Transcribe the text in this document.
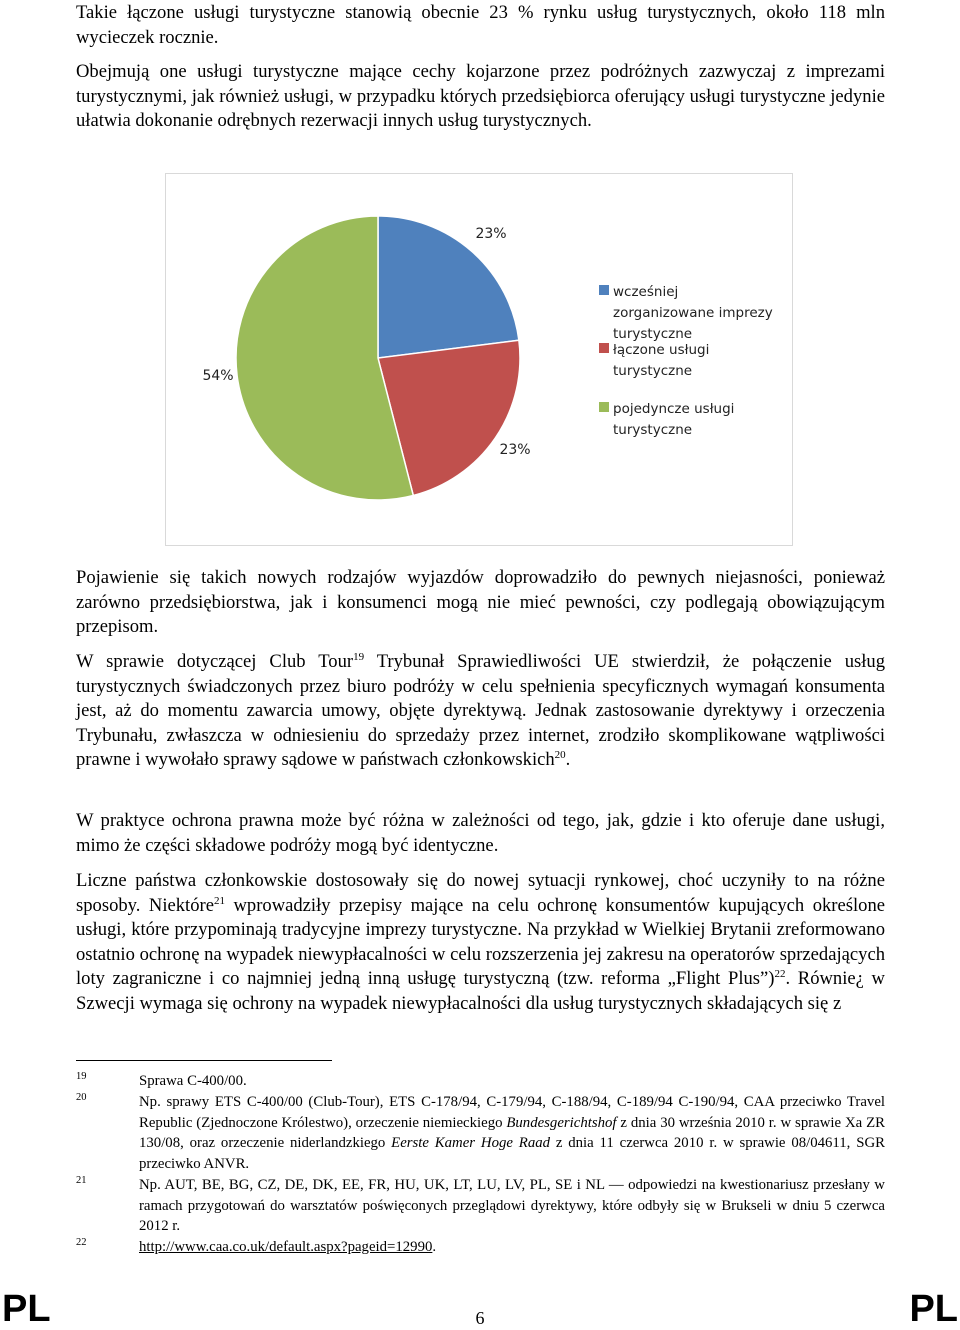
Takie łączone usługi turystyczne stanowią obecnie 23 % rynku usług turystycznych, około 118 mln wycieczek rocznie.

Obejmują one usługi turystyczne mające cechy kojarzone przez podróżnych zazwyczaj z imprezami turystycznymi, jak również usługi, w przypadku których przedsiębiorca oferujący usługi turystyczne jedynie ułatwia dokonanie odrębnych rezerwacji innych usług turystycznych.

23%
23%
54%
wcześniej zorganizowane imprezy turystyczne
łączone usługi turystyczne
pojedyncze usługi turystyczne

Pojawienie się takich nowych rodzajów wyjazdów doprowadziło do pewnych niejasności, ponieważ zarówno przedsiębiorstwa, jak i konsumenci mogą nie mieć pewności, czy podlegają obowiązującym przepisom.

W sprawie dotyczącej Club Tour$^{19}$ Trybunał Sprawiedliwości UE stwierdził, że połączenie usług turystycznych świadczonych przez biuro podróży w celu spełnienia specyficznych wymagań konsumenta jest, aż do momentu zawarcia umowy, objęte dyrektywą. Jednak zastosowanie dyrektywy i orzeczenia Trybunału, zwłaszcza w odniesieniu do sprzedaży przez internet, zrodziło skomplikowane wątpliwości prawne i wywołało sprawy sądowe w państwach członkowskich$^{20}$.

W praktyce ochrona prawna może być różna w zależności od tego, jak, gdzie i kto oferuje dane usługi, mimo że części składowe podróży mogą być identyczne.

Liczne państwa członkowskie dostosowały się do nowej sytuacji rynkowej, choć uczyniły to na różne sposoby. Niektóre$^{21}$ wprowadziły przepisy mające na celu ochronę konsumentów kupujących określone usługi, które przypominają tradycyjne imprezy turystyczne. Na przykład w Wielkiej Brytanii zreformowano ostatnio ochronę na wypadek niewypłacalności w celu rozszerzenia jej zakresu na operatorów sprzedających loty zagraniczne i co najmniej jedną inną usługę turystyczną (tzw. reforma „Flight Plus”)$^{22}$. Równie¿ w Szwecji wymaga się ochrony na wypadek niewypłacalności dla usług turystycznych składających się z

19	Sprawa C-400/00.
20	Np. sprawy ETS C-400/00 (Club-Tour), ETS C-178/94, C-179/94, C-188/94, C-189/94 C-190/94, CAA przeciwko Travel Republic (Zjednoczone Królestwo), orzeczenie niemieckiego Bundesgerichtshof z dnia 30 września 2010 r. w sprawie Xa ZR 130/08, oraz orzeczenie niderlandzkiego Eerste Kamer Hoge Raad z dnia 11 czerwca 2010 r. w sprawie 08/04611, SGR przeciwko ANVR.
21	Np. AUT, BE, BG, CZ, DE, DK, EE, FR, HU, UK, LT, LU, LV, PL, SE i NL — odpowiedzi na kwestionariusz przesłany w ramach przygotowań do warsztatów poświęconych przeglądowi dyrektywy, które odbyły się w Brukseli w dniu 5 czerwca 2012 r.
22	http://www.caa.co.uk/default.aspx?pageid=12990.
PL	6	PL
